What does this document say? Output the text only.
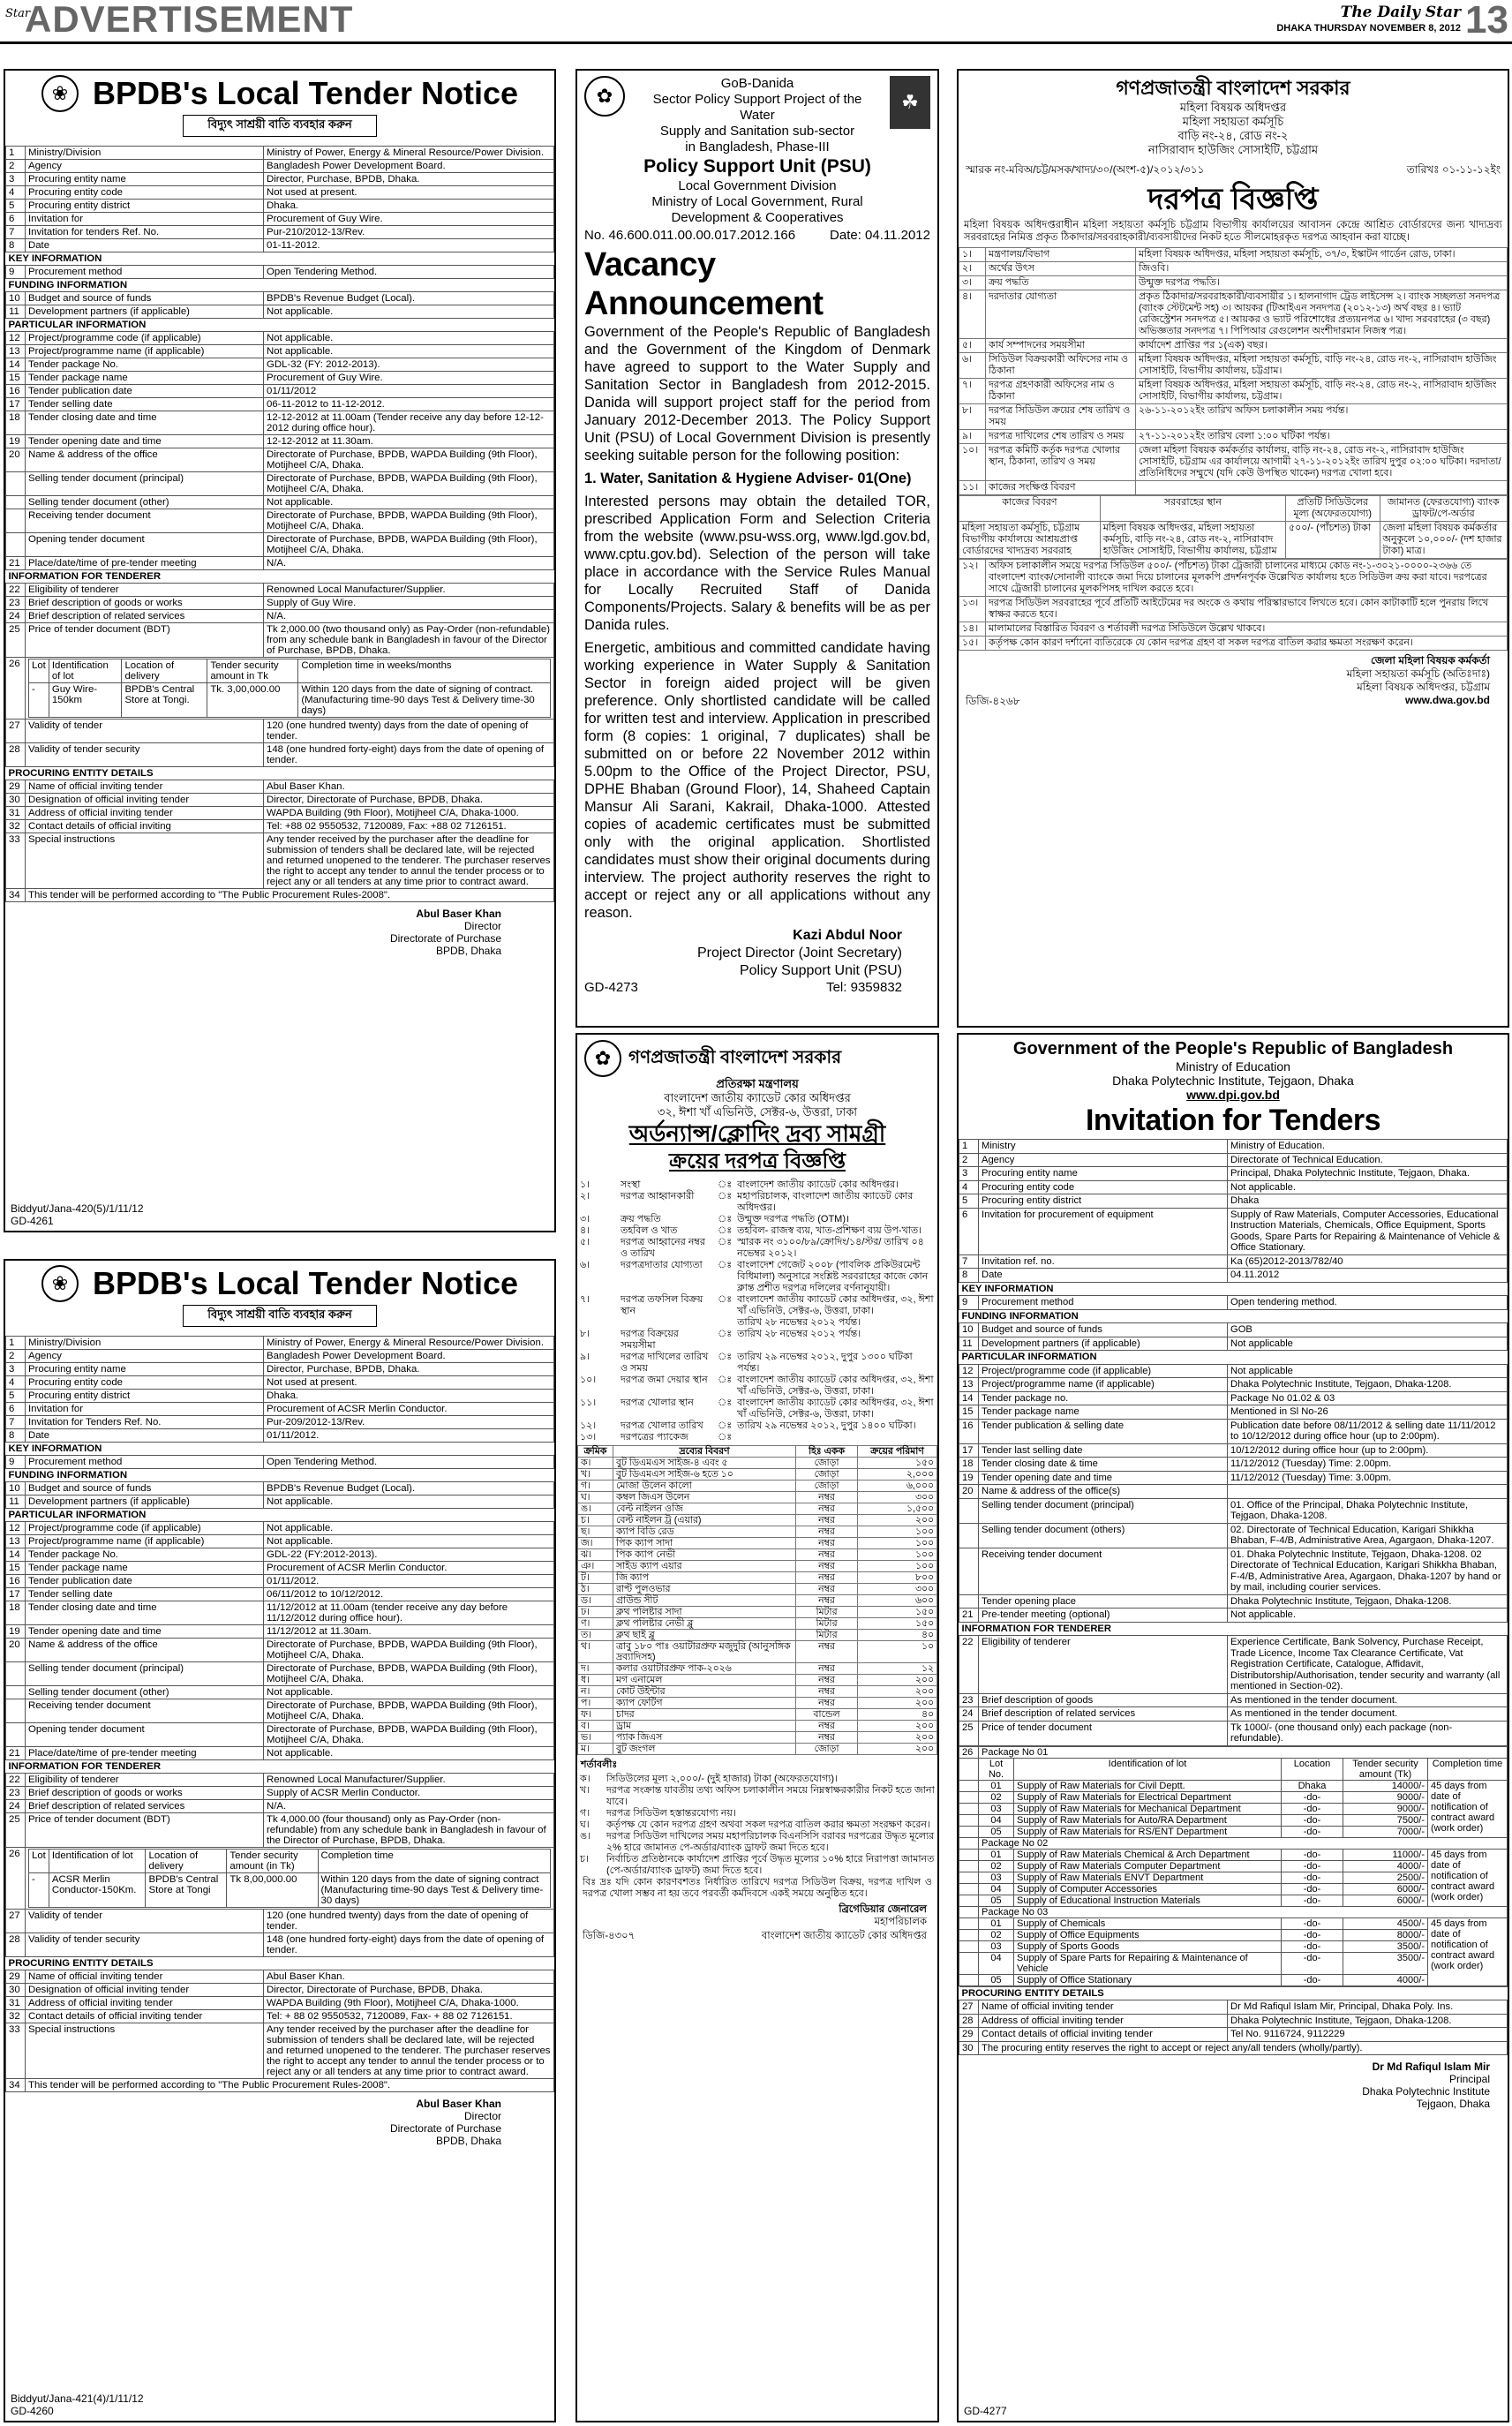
Star
ADVERTISEMENT	The Daily Star
DHAKA THURSDAY NOVEMBER 8, 2012 13
❀ BPDB's Local Tender Notice
বিদ্যুৎ সাশ্রয়ী বাতি ব্যবহার করুন
1	Ministry/Division	Ministry of Power, Energy & Mineral Resource/Power Division.
2	Agency	Bangladesh Power Development Board.
3	Procuring entity name	Director, Purchase, BPDB, Dhaka.
4	Procuring entity code	Not used at present.
5	Procuring entity district	Dhaka.
6	Invitation for	Procurement of Guy Wire.
7	Invitation for tenders Ref. No.	Pur-210/2012-13/Rev.
8	Date	01-11-2012.
KEY INFORMATION
9	Procurement method	Open Tendering Method.
FUNDING INFORMATION
10	Budget and source of funds	BPDB's Revenue Budget (Local).
11	Development partners (if applicable)	Not applicable.
PARTICULAR INFORMATION
12	Project/programme code (if applicable)	Not applicable.
13	Project/programme name (if applicable)	Not applicable.
14	Tender package No.	GDL-32 (FY: 2012-2013).
15	Tender package name	Procurement of Guy Wire.
16	Tender publication date	01/11/2012
17	Tender selling date	06-11-2012 to 11-12-2012.
18	Tender closing date and time	12-12-2012 at 11.00am (Tender receive any day before 12-12-2012 during office hour).
19	Tender opening date and time	12-12-2012 at 11.30am.
20	Name & address of the office	Directorate of Purchase, BPDB, WAPDA Building (9th Floor), Motijheel C/A, Dhaka.
	Selling tender document (principal)	Directorate of Purchase, BPDB, WAPDA Building (9th Floor), Motijheel C/A, Dhaka.
	Selling tender document (other)	Not applicable.
	Receiving tender document	Directorate of Purchase, BPDB, WAPDA Building (9th Floor), Motijheel C/A, Dhaka.
	Opening tender document	Directorate of Purchase, BPDB, WAPDA Building (9th Floor), Motijheel C/A, Dhaka.
21	Place/date/time of pre-tender meeting	N/A.
INFORMATION FOR TENDERER
22	Eligibility of tenderer	Renowned Local Manufacturer/Supplier.
23	Brief description of goods or works	Supply of Guy Wire.
24	Brief description of related services	N/A.
25	Price of tender document (BDT)	Tk 2,000.00 (two thousand only) as Pay-Order (non-refundable) from any schedule bank in Bangladesh in favour of the Director of Purchase, BPDB, Dhaka.
26	Lot	Identification of lot	Location of delivery	Tender security amount in Tk	Completion time in weeks/months
-	Guy Wire-150km	BPDB's Central Store at Tongi.	Tk. 3,00,000.00	Within 120 days from the date of signing of contract. (Manufacturing time-90 days Test & Delivery time-30 days)

27	Validity of tender	120 (one hundred twenty) days from the date of opening of tender.
28	Validity of tender security	148 (one hundred forty-eight) days from the date of opening of tender.
PROCURING ENTITY DETAILS
29	Name of official inviting tender	Abul Baser Khan.
30	Designation of official inviting tender	Director, Directorate of Purchase, BPDB, Dhaka.
31	Address of official inviting tender	WAPDA Building (9th Floor), Motijheel C/A, Dhaka-1000.
32	Contact details of official inviting	Tel: +88 02 9550532, 7120089, Fax: +88 02 7126151.
33	Special instructions	Any tender received by the purchaser after the deadline for submission of tenders shall be declared late, will be rejected and returned unopened to the tenderer. The purchaser reserves the right to accept any tender to annul the tender process or to reject any or all tenders at any time prior to contract award.
34	This tender will be performed according to "The Public Procurement Rules-2008".
Abul Baser Khan
Director
Directorate of Purchase
BPDB, Dhaka
Biddyut/Jana-420(5)/1/11/12
GD-4261
❀ BPDB's Local Tender Notice
বিদ্যুৎ সাশ্রয়ী বাতি ব্যবহার করুন
1	Ministry/Division	Ministry of Power, Energy & Mineral Resource/Power Division.
2	Agency	Bangladesh Power Development Board.
3	Procuring entity name	Director, Purchase, BPDB, Dhaka.
4	Procuring entity code	Not used at present.
5	Procuring entity district	Dhaka.
6	Invitation for	Procurement of ACSR Merlin Conductor.
7	Invitation for Tenders Ref. No.	Pur-209/2012-13/Rev.
8	Date	01/11/2012.
KEY INFORMATION
9	Procurement method	Open Tendering Method.
FUNDING INFORMATION
10	Budget and source of funds	BPDB's Revenue Budget (Local).
11	Development partners (if applicable)	Not applicable.
PARTICULAR INFORMATION
12	Project/programme code (if applicable)	Not applicable.
13	Project/programme name (if applicable)	Not applicable.
14	Tender package No.	GDL-22 (FY:2012-2013).
15	Tender package name	Procurement of ACSR Merlin Conductor.
16	Tender publication date	01/11/2012.
17	Tender selling date	06/11/2012 to 10/12/2012.
18	Tender closing date and time	11/12/2012 at 11.00am (tender receive any day before 11/12/2012 during office hour).
19	Tender opening date and time	11/12/2012 at 11.30am.
20	Name & address of the office	Directorate of Purchase, BPDB, WAPDA Building (9th Floor), Motijheel C/A, Dhaka.
	Selling tender document (principal)	Directorate of Purchase, BPDB, WAPDA Building (9th Floor), Motijheel C/A, Dhaka.
	Selling tender document (other)	Not applicable.
	Receiving tender document	Directorate of Purchase, BPDB, WAPDA Building (9th Floor), Motijheel C/A, Dhaka.
	Opening tender document	Directorate of Purchase, BPDB, WAPDA Building (9th Floor), Motijheel C/A, Dhaka.
21	Place/date/time of pre-tender meeting	Not applicable.
INFORMATION FOR TENDERER
22	Eligibility of tenderer	Renowned Local Manufacturer/Supplier.
23	Brief description of goods or works	Supply of ACSR Merlin Conductor.
24	Brief description of related services	N/A.
25	Price of tender document (BDT)	Tk 4,000.00 (four thousand) only as Pay-Order (non-refundable) from any schedule bank in Bangladesh in favour of the Director of Purchase, BPDB, Dhaka.
26	Lot	Identification of lot	Location of delivery	Tender security amount (in Tk)	Completion time
-	ACSR Merlin Conductor-150Km.	BPDB's Central Store at Tongi	Tk 8,00,000.00	Within 120 days from the date of signing contract (Manufacturing time-90 days Test & Delivery time-30 days)

27	Validity of tender	120 (one hundred twenty) days from the date of opening of tender.
28	Validity of tender security	148 (one hundred forty-eight) days from the date of opening of tender.
PROCURING ENTITY DETAILS
29	Name of official inviting tender	Abul Baser Khan.
30	Designation of official inviting tender	Director, Directorate of Purchase, BPDB, Dhaka.
31	Address of official inviting tender	WAPDA Building (9th Floor), Motijheel C/A, Dhaka-1000.
32	Contact details of official inviting tender	Tel: + 88 02 9550532, 7120089, Fax- + 88 02 7126151.
33	Special instructions	Any tender received by the purchaser after the deadline for submission of tenders shall be declared late, will be rejected and returned unopened to the tenderer. The purchaser reserves the right to accept any tender to annul the tender process or to reject any or all tenders at any time prior to contract award.
34	This tender will be performed according to "The Public Procurement Rules-2008".
Abul Baser Khan
Director
Directorate of Purchase
BPDB, Dhaka
Biddyut/Jana-421(4)/1/11/12
GD-4260
✿
GoB-Danida
Sector Policy Support Project of the Water
Supply and Sanitation sub-sector
in Bangladesh, Phase-III
☘
Policy Support Unit (PSU)
Local Government Division
Ministry of Local Government, Rural
Development & Cooperatives
No. 46.600.011.00.00.017.2012.166	Date: 04.11.2012
Vacancy Announcement

Government of the People's Republic of Bangladesh and the Government of the Kingdom of Denmark have agreed to support to the Water Supply and Sanitation Sector in Bangladesh from 2012-2015. Danida will support project staff for the period from January 2012-December 2013. The Policy Support Unit (PSU) of Local Government Division is presently seeking suitable person for the following position:

1. Water, Sanitation & Hygiene Adviser- 01(One)

Interested persons may obtain the detailed TOR, prescribed Application Form and Selection Criteria from the website (www.psu-wss.org, www.lgd.gov.bd, www.cptu.gov.bd). Selection of the person will take place in accordance with the Service Rules Manual for Locally Recruited Staff of Danida Components/Projects. Salary & benefits will be as per Danida rules.

Energetic, ambitious and committed candidate having working experience in Water Supply & Sanitation Sector in foreign aided project will be given preference. Only shortlisted candidate will be called for written test and interview. Application in prescribed form (8 copies: 1 original, 7 duplicates) shall be submitted on or before 22 November 2012 within 5.00pm to the Office of the Project Director, PSU, DPHE Bhaban (Ground Floor), 14, Shaheed Captain Mansur Ali Sarani, Kakrail, Dhaka-1000. Attested copies of academic certificates must be submitted only with the original application. Shortlisted candidates must show their original documents during interview. The project authority reserves the right to accept or reject any or all applications without any reason.

Kazi Abdul Noor
Project Director (Joint Secretary)
Policy Support Unit (PSU)
GD-4273	Tel: 9359832
গণপ্রজাতন্ত্রী বাংলাদেশ সরকার
মহিলা বিষয়ক অধিদপ্তর
মহিলা সহায়তা কর্মসূচি
বাড়ি নং-২৪, রোড নং-২
নাসিরাবাদ হাউজিং সোসাইটি, চট্টগ্রাম
স্মারক নং-মবিঅ/চট্ট/মসক/খাদ্য/৩০/(অংশ-৫)/২০১২/৩১১	তারিখঃ ০১-১১-১২ইং
দরপত্র বিজ্ঞপ্তি
মহিলা বিষয়ক অধিদপ্তরাধীন মহিলা সহায়তা কর্মসূচি চট্টগ্রাম বিভাগীয় কার্যালয়ের আবাসন কেন্দ্রে আশ্রিত বোর্ডারদের জন্য খাদ্যদ্রব্য সরবরাহের নিমিত্ত প্রকৃত ঠিকাদার/সরবরাহকারী/ব্যবসায়ীদের নিকট হতে সীলমোহরকৃত দরপত্র আহবান করা যাচ্ছে।
১।	মন্ত্রণালয়/বিভাগ	মহিলা বিষয়ক অধিদপ্তর, মহিলা সহায়তা কর্মসূচি, ৩৭/৩, ইস্কাটন গার্ডেন রোড, ঢাকা।
২।	অর্থের উৎস	জিওবি।
৩।	ক্রয় পদ্ধতি	উন্মুক্ত দরপত্র পদ্ধতি।
৪।	দরদাতার যোগ্যতা	প্রকৃত ঠিকাদার/সরবরাহকারী/ব্যবসায়ীর ১। হালনাগাদ ট্রেড লাইসেন্স ২। ব্যাংক সচ্ছলতা সনদপত্র (ব্যাংক স্টেটমেন্ট সহ) ৩। আয়কর (টিআইএন সনদপত্র (২০১২-১৩) অর্থ বছর ৪। ভ্যাট রেজিস্ট্রেশন সনদপত্র ৫। আয়কর ও ভ্যাট পরিশোধের প্রত্যয়নপত্র ৬। খাদ্য সরবরাহের (৩ বছর) অভিজ্ঞতার সনদপত্র ৭। পিপিআর রেগুলেশন অংশীদারমান নিজস্ব পত্র।
৫।	কার্য সম্পাদনের সময়সীমা	কার্যাদেশ প্রাপ্তির পর ১(এক) বছর।
৬।	সিডিউল বিক্রয়কারী অফিসের নাম ও ঠিকানা	মহিলা বিষয়ক অধিদপ্তর, মহিলা সহায়তা কর্মসূচি, বাড়ি নং-২৪, রোড নং-২, নাসিরাবাদ হাউজিং সোসাইটি, বিভাগীয় কার্যালয়, চট্টগ্রাম।
৭।	দরপত্র গ্রহণকারী অফিসের নাম ও ঠিকানা	মহিলা বিষয়ক অধিদপ্তর, মহিলা সহায়তা কর্মসূচি, বাড়ি নং-২৪, রোড নং-২, নাসিরাবাদ হাউজিং সোসাইটি, বিভাগীয় কার্যালয়, চট্টগ্রাম।
৮।	দরপত্র সিডিউল ক্রয়ের শেষ তারিখ ও সময়	২৬-১১-২০১২ইং তারিখ অফিস চলাকালীন সময় পর্যন্ত।
৯।	দরপত্র দাখিলের শেষ তারিখ ও সময়	২৭-১১-২০১২ইং তারিখ বেলা ১:০০ ঘটিকা পর্যন্ত।
১০।	দরপত্র কমিটি কর্তৃক দরপত্র খোলার স্থান, ঠিকানা, তারিখ ও সময়	জেলা মহিলা বিষয়ক কর্মকর্তার কার্যালয়, বাড়ি নং-২৪, রোড নং-২, নাসিরাবাদ হাউজিং সোসাইটি, চট্টগ্রাম এর কার্যালয়ে আগামী ২৭-১১-২০১২ইং তারিখ দুপুর ০২:০০ ঘটিকা। দরদাতা/প্রতিনিধিদের সম্মুখে (যদি কেউ উপস্থিত থাকেন) দরপত্র খোলা হবে।
১১।	কাজের সংক্ষিপ্ত বিবরণ	
কাজের বিবরণ	সরবরাহের স্থান	প্রতিটি সিডিউলের মূল্য (অফেরতযোগ্য)	জামানত (ফেরতযোগ্য) ব্যাংক ড্রাফট/পে-অর্ডার
মহিলা সহায়তা কর্মসূচি, চট্টগ্রাম বিভাগীয় কার্যালয়ে আশ্রয়প্রাপ্ত বোর্ডারদের খাদ্যদ্রব্য সরবরাহ	মহিলা বিষয়ক অধিদপ্তর, মহিলা সহায়তা কর্মসূচি, বাড়ি নং-২৪, রোড নং-২, নাসিরাবাদ হাউজিং সোসাইটি, বিভাগীয় কার্যালয়, চট্টগ্রাম	৫০০/- (পাঁচশত) টাকা	জেলা মহিলা বিষয়ক কর্মকর্তার অনুকূলে ১০,০০০/- (দশ হাজার টাকা) মাত্র।
১২।	অফিস চলাকালীন সময়ে দরপত্র সিডিউল ৫০০/- (পাঁচশত) টাকা ট্রেজারী চালানের মাধ্যমে কোড নং-১-৩০২১-০০০০-২৩৬৬ তে বাংলাদেশ ব্যাংক/সোনালী ব্যাংকে জমা দিয়ে চালানের মূলকপি প্রদর্শনপূর্বক উল্লেখিত কার্যালয় হতে সিডিউল ক্রয় করা যাবে। দরপত্রের সাথে ট্রেজারী চালানের মূলকপিসহ দাখিল করতে হবে।
১৩।	দরপত্র সিডিউল সরবরাহের পূর্বে প্রতিটি আইটেমের দর অংকে ও কথায় পরিস্কারভাবে লিখতে হবে। কোন কাটাকাটি হলে পুনরায় লিখে স্বাক্ষর করতে হবে।
১৪।	মালামালের বিস্তারিত বিবরণ ও শর্তাবলী দরপত্র সিডিউলে উল্লেখ থাকবে।
১৫।	কর্তৃপক্ষ কোন কারণ দর্শানো ব্যতিরেকে যে কোন দরপত্র গ্রহণ বা সকল দরপত্র বাতিল করার ক্ষমতা সংরক্ষণ করেন।
জেলা মহিলা বিষয়ক কর্মকর্তা
মহিলা সহায়তা কর্মসূচি (অতিঃদাঃ)
মহিলা বিষয়ক অধিদপ্তর, চট্টগ্রাম
ডিজি-৪২৬৮	www.dwa.gov.bd
✿ গণপ্রজাতন্ত্রী বাংলাদেশ সরকার
প্রতিরক্ষা মন্ত্রণালয়
বাংলাদেশ জাতীয় ক্যাডেট কোর অধিদপ্তর
৩২, ঈশা খাঁ এভিনিউ, সেক্টর-৬, উত্তরা, ঢাকা
অর্ডন্যান্স/ক্লোদিং দ্রব্য সামগ্রী
ক্রয়ের দরপত্র বিজ্ঞপ্তি
১।	সংস্থা	ঃ	বাংলাদেশ জাতীয় ক্যাডেট কোর অধিদপ্তর।
২।	দরপত্র আহ্বানকারী	ঃ	মহাপরিচালক, বাংলাদেশ জাতীয় ক্যাডেট কোর অধিদপ্তর।
৩।	ক্রয় পদ্ধতি	ঃ	উন্মুক্ত দরপত্র পদ্ধতি (OTM)।
৪।	তহবিল ও খাত	ঃ	তহবিল- রাজস্ব ব্যয়, খাত-প্রশিক্ষণ ব্যয় উপ-খাত।
৫।	দরপত্র আহ্বানের নম্বর ও তারিখ	ঃ	স্মারক নং ৩১০০/৮৯/ক্রোদিং/১৪/স্টর/ তারিখ ০৪ নভেম্বর ২০১২।
৬।	দরপত্রদাতার যোগ্যতা	ঃ	বাংলাদেশ গেজেট ২০০৮ (পাবলিক প্রকিউরমেন্ট বিধিমালা) অনুসারে সংশ্লিষ্ট সরবরাহের কাজে কোন ক্লান্ত প্রশীত দরপত্র দলিলের বর্ণনানুযায়ী।
৭।	দরপত্র তফসিল বিক্রয় স্থান	ঃ	বাংলাদেশ জাতীয় ক্যাডেট কোর অধিদপ্তর, ৩২, ঈশা খাঁ এভিনিউ, সেক্টর-৬, উত্তরা, ঢাকা।
			তারিখ ২৮ নভেম্বর ২০১২ পর্যন্ত।
৮।	দরপত্র বিক্রয়ের সময়সীমা	ঃ	তারিখ ২৮ নভেম্বর ২০১২ পর্যন্ত।
৯।	দরপত্র দাখিলের তারিখ ও সময়	ঃ	তারিখ ২৯ নভেম্বর ২০১২, দুপুর ১৩০০ ঘটিকা পর্যন্ত।
১০।	দরপত্র জমা দেয়ার স্থান	ঃ	বাংলাদেশ জাতীয় ক্যাডেট কোর অধিদপ্তর, ৩২, ঈশা খাঁ এভিনিউ, সেক্টর-৬, উত্তরা, ঢাকা।
১১।	দরপত্র খোলার স্থান	ঃ	বাংলাদেশ জাতীয় ক্যাডেট কোর অধিদপ্তর, ৩২, ঈশা খাঁ এভিনিউ, সেক্টর-৬, উত্তরা, ঢাকা।
১২।	দরপত্র খোলার তারিখ	ঃ	তারিখ ২৯ নভেম্বর ২০১২, দুপুর ১৪০০ ঘটিকা।
১৩।	দরপত্রের প্যাকেজ	ঃ	
ক্রমিক	দ্রব্যের বিবরণ	হিঃ একক	ক্রয়ের পরিমাণ
ক।	বুট ডিএমএস সাইজ-৪ এবং ৫	জোড়া	১৫০
খ।	বুট ডিএমএস সাইজ-৬ হতে ১০	জোড়া	২,০০০
গ।	মোজা উলেন কালো	জোড়া	৬,০০০
ঘ।	কম্বল জিএস উলেন	নম্বর	৩০০
ঙ।	বেল্ট নাইলন ওজি	নম্বর	১,৫০০
চ।	বেল্ট নাইলন ট্র (এয়ার)	নম্বর	২০০
ছ।	ক্যাপ বিডি রেড	নম্বর	১০০
জ।	পিক ক্যাপ সাদা	নম্বর	১০০
ঝ।	পিক ক্যাপ নেভী	নম্বর	১০০
ঞ।	সাইড ক্যাপ এয়ার	নম্বর	১০০
ট।	জি ক্যাপ	নম্বর	৮০০
ঠ।	রাণ্ট পুলওভার	নম্বর	৩০০
ড।	গ্রাউন্ড সীট	নম্বর	৬০০
ঢ।	ক্লথ পলিষ্টার সাদা	মিটার	১৫০
ণ।	ক্লথ পলিষ্টার নেভী ব্লু	মিটার	১৫০
ত।	ক্লথ ছাই ব্লু	মিটার	৪০
থ।	ত্রাবু ১৮০ পাঃ ওয়াটারপ্রুফ মজুদুরি (আনুসঙ্গিক দ্রব্যাদিসহ)	নম্বর	১০
দ।	কলার ওয়াটারপ্রুফ পাক-২০২৬	নম্বর	১২
ধ।	মগ এনামেল	নম্বর	২০০
ন।	কোট উইন্টার	নম্বর	২০০
প।	ক্যাপ ফেটিগ	নম্বর	২০০
ফ।	চাদর	বান্ডেল	৪০
ব।	ড্রাম	নম্বর	২০০
ভ।	প্যাক জিএস	নম্বর	২০০
ম।	বুট জংগল	জোড়া	২০০
শর্তাবলীঃ
ক।	সিডিউলের মূল্য ২,০০০/- (দুই হাজার) টাকা (অফেরতযোগ্য)।
খ।	দরপত্র সংক্রান্ত যাবতীয় তথ্য অফিস চলাকালীন সময়ে নিম্নস্বাক্ষরকারীর নিকট হতে জানা যাবে।
গ।	দরপত্র সিডিউল হস্তান্তরযোগ্য নয়।
ঘ।	কর্তৃপক্ষ যে কোন দরপত্র গ্রহণ অথবা সকল দরপত্র বাতিল করার ক্ষমতা সংরক্ষণ করেন।
ঙ।	দরপত্র সিডিউল দাখিলের সময় মহাপরিচালক বিএনসিসি বরাবর দরপত্রের উদ্ধৃত মূল্যের ২% হারে জামানত পে-অর্ডার/ব্যাংক ড্রাফট জমা দিতে হবে।
চ।	নির্বাচিত প্রতিষ্ঠানকে কার্যাদেশ প্রাপ্তির পূর্বে উদ্ধৃত মূল্যের ১০% হারে নিরাপত্তা জামানত (পে-অর্ডার/ব্যাংক ড্রাফট) জমা দিতে হবে।
বিঃ দ্রঃ যদি কোন কারণবশতঃ নির্ধারিত তারিখে দরপত্র সিডিউল বিক্রয়, দরপত্র দাখিল ও দরপত্র খোলা সম্ভব না হয় তবে পরবর্তী কর্মদিবসে একই সময়ে অনুষ্ঠিত হবে।
ব্রিগেডিয়ার জেনারেল
মহাপরিচালক
ডিজি-৪৩০৭	বাংলাদেশ জাতীয় ক্যাডেট কোর অধিদপ্তর
Government of the People's Republic of Bangladesh
Ministry of Education
Dhaka Polytechnic Institute, Tejgaon, Dhaka
www.dpi.gov.bd
Invitation for Tenders
1	Ministry	Ministry of Education.
2	Agency	Directorate of Technical Education.
3	Procuring entity name	Principal, Dhaka Polytechnic Institute, Tejgaon, Dhaka.
4	Procuring entity code	Not applicable.
5	Procuring entity district	Dhaka
6	Invitation for procurement of equipment	Supply of Raw Materials, Computer Accessories, Educational Instruction Materials, Chemicals, Office Equipment, Sports Goods, Spare Parts for Repairing & Maintenance of Vehicle & Office Stationary.
7	Invitation ref. no.	Ka (65)2012-2013/782/40
8	Date	04.11.2012
KEY INFORMATION		
9	Procurement method	Open tendering method.
FUNDING INFORMATION		
10	Budget and source of funds	GOB
11	Development partners (if applicable)	Not applicable
PARTICULAR INFORMATION		
12	Project/programme code (if applicable)	Not applicable
13	Project/programme name (if applicable)	Dhaka Polytechnic Institute, Tejgaon, Dhaka-1208.
14	Tender package no.	Package No 01.02 & 03
15	Tender package name	Mentioned in Sl No-26
16	Tender publication & selling date	Publication date before 08/11/2012 & selling date 11/11/2012 to 10/12/2012 during office hour (up to 2:00pm).
17	Tender last selling date	10/12/2012 during office hour (up to 2:00pm).
18	Tender closing date & time	11/12/2012 (Tuesday) Time: 2.00pm.
19	Tender opening date and time	11/12/2012 (Tuesday) Time: 3.00pm.
20	Name & address of the office(s)	
	Selling tender document (principal)	01. Office of the Principal, Dhaka Polytechnic Institute, Tejgaon, Dhaka-1208.
	Selling tender document (others)	02. Directorate of Technical Education, Karigari Shikkha Bhaban, F-4/B, Administrative Area, Agargaon, Dhaka-1207.
	Receiving tender document	01. Dhaka Polytechnic Institute, Tejgaon, Dhaka-1208. 02 Directorate of Technical Education, Karigari Shikkha Bhaban, F-4/B, Administrative Area, Agargaon, Dhaka-1207 by hand or by mail, including courier services.
	Tender opening place	Dhaka Polytechnic Institute, Tejgaon, Dhaka-1208.
21	Pre-tender meeting (optional)	Not applicable.
INFORMATION FOR TENDERER		
22	Eligibility of tenderer	Experience Certificate, Bank Solvency, Purchase Receipt, Trade Licence, Income Tax Clearance Certificate, Vat Registration Certificate, Catalogue, Affidavit, Distributorship/Authorisation, tender security and warranty (all mentioned in Section-02).
23	Brief description of goods	As mentioned in the tender document.
24	Brief description of related services	As mentioned in the tender document.
25	Price of tender document	Tk 1000/- (one thousand only) each package (non-refundable).
26	Package No 01				
	Lot No.	Identification of lot	Location	Tender security amount (Tk)	Completion time
	01	Supply of Raw Materials for Civil Deptt.	Dhaka	14000/-	45 days from date of notification of contract award (work order)
	02	Supply of Raw Materials for Electrical Department	-do-	9000/-	
	03	Supply of Raw Materials for Mechanical Department	-do-	9000/-	
	04	Supply of Raw Materials for Auto/RA Department	-do-	7500/-	
	05	Supply of Raw Materials for RS/ENT Department	-do-	7000/-	
	Package No 02				
	01	Supply of Raw Materials Chemical & Arch Department	-do-	11000/-	45 days from date of notification of contract award (work order)
	02	Supply of Raw Materials Computer Department	-do-	4000/-	
	03	Supply of Raw Materials ENVT Department	-do-	2500/-	
	04	Supply of Computer Accessories	-do-	6000/-	
	05	Supply of Educational Instruction Materials	-do-	6000/-	
	Package No 03				
	01	Supply of Chemicals	-do-	4500/-	45 days from date of notification of contract award (work order)
	02	Supply of Office Equipments	-do-	8000/-	
	03	Supply of Sports Goods	-do-	3500/-	
	04	Supply of Spare Parts for Repairing & Maintenance of Vehicle	-do-	3500/-	
	05	Supply of Office Stationary	-do-	4000/-	
PROCURING ENTITY DETAILS		
27	Name of official inviting tender	Dr Md Rafiqul Islam Mir, Principal, Dhaka Poly. Ins.
28	Address of official inviting tender	Dhaka Polytechnic Institute, Tejgaon, Dhaka-1208.
29	Contact details of official inviting tender	Tel No. 9116724, 9112229
30	The procuring entity reserves the right to accept or reject any/all tenders (wholly/partly).	
Dr Md Rafiqul Islam Mir
Principal
Dhaka Polytechnic Institute
Tejgaon, Dhaka
GD-4277
